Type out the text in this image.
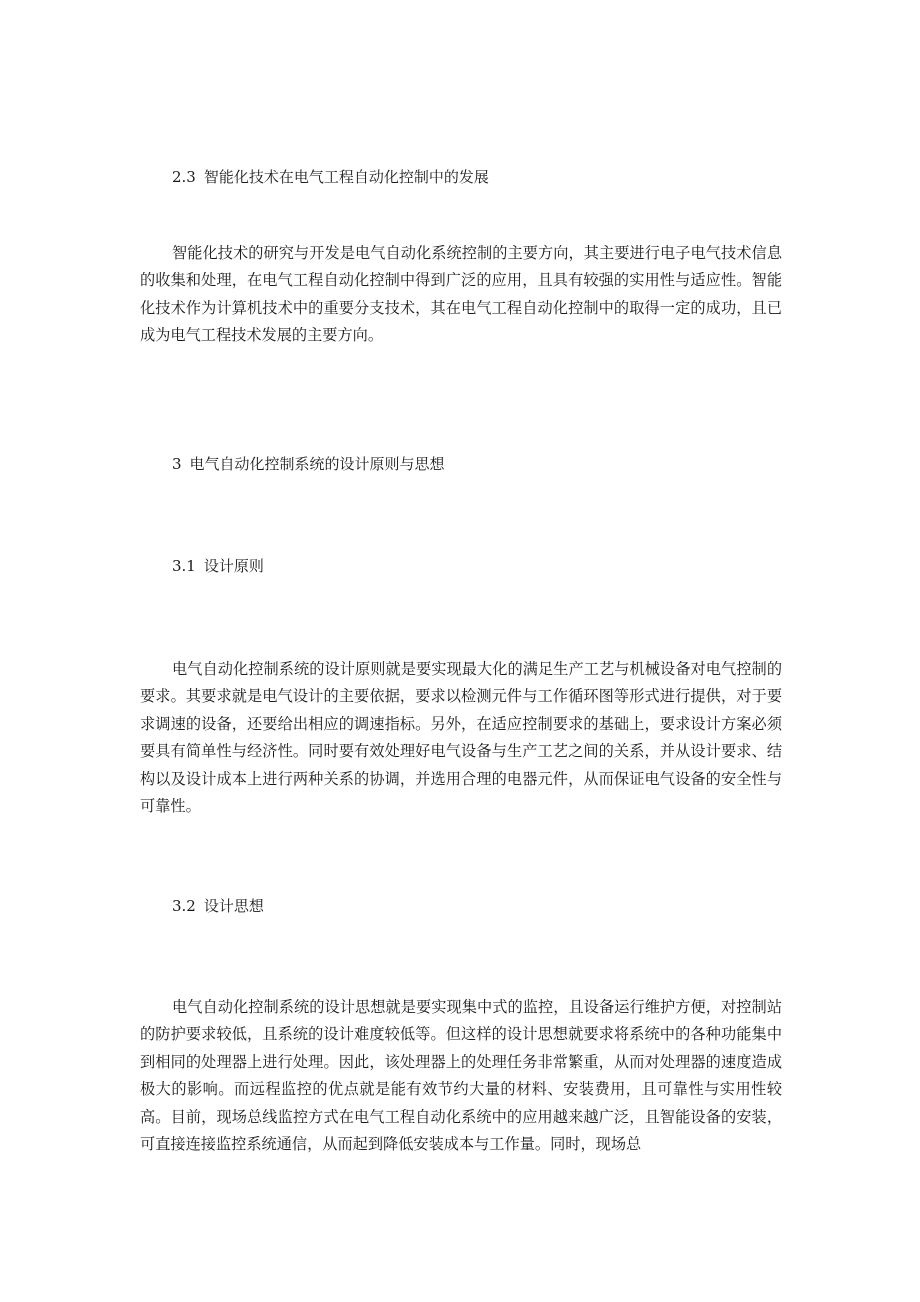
2.3 智能化技术在电气工程自动化控制中的发展

智能化技术的研究与开发是电气自动化系统控制的主要方向，其主要进行电子电气技术信息的收集和处理，在电气工程自动化控制中得到广泛的应用，且具有较强的实用性与适应性。智能化技术作为计算机技术中的重要分支技术，其在电气工程自动化控制中的取得一定的成功，且已成为电气工程技术发展的主要方向。

3 电气自动化控制系统的设计原则与思想
3.1 设计原则

电气自动化控制系统的设计原则就是要实现最大化的满足生产工艺与机械设备对电气控制的要求。其要求就是电气设计的主要依据，要求以检测元件与工作循环图等形式进行提供，对于要求调速的设备，还要给出相应的调速指标。另外，在适应控制要求的基础上，要求设计方案必须要具有简单性与经济性。同时要有效处理好电气设备与生产工艺之间的关系，并从设计要求、结构以及设计成本上进行两种关系的协调，并选用合理的电器元件，从而保证电气设备的安全性与可靠性。

3.2 设计思想

电气自动化控制系统的设计思想就是要实现集中式的监控，且设备运行维护方便，对控制站的防护要求较低，且系统的设计难度较低等。但这样的设计思想就要求将系统中的各种功能集中到相同的处理器上进行处理。因此，该处理器上的处理任务非常繁重，从而对处理器的速度造成极大的影响。而远程监控的优点就是能有效节约大量的材料、安装费用，且可靠性与实用性较高。目前，现场总线监控方式在电气工程自动化系统中的应用越来越广泛，且智能设备的安装，可直接连接监控系统通信，从而起到降低安装成本与工作量。同时，现场总
